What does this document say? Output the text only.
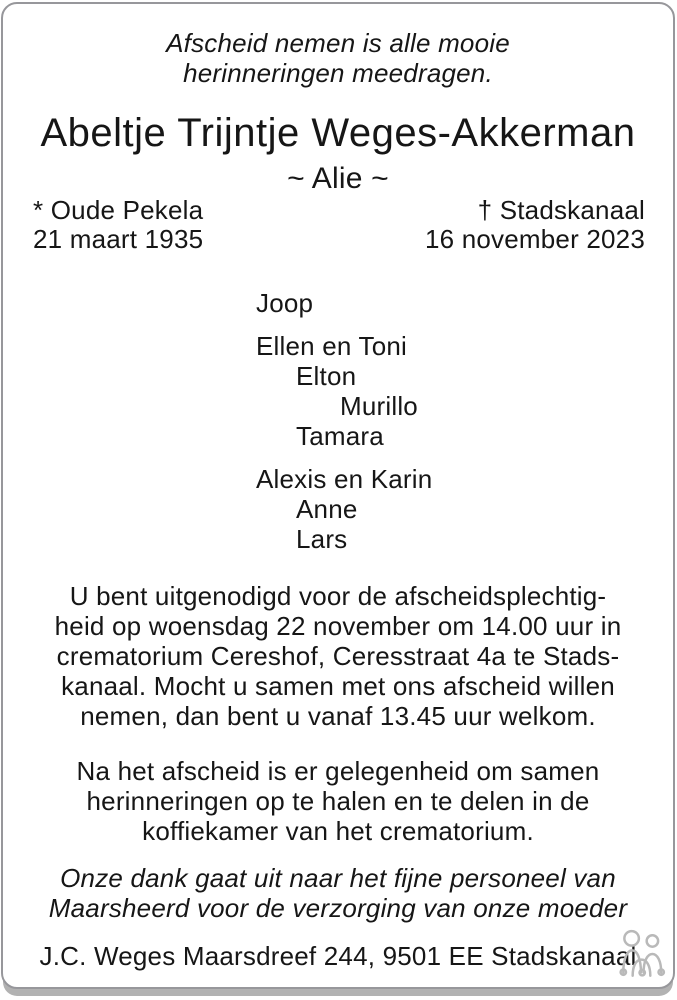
Afscheid nemen is alle mooie
herinneringen meedragen.
Abeltje Trijntje Weges-Akkerman
~ Alie ~
* Oude Pekela
21 maart 1935
† Stadskanaal
16 november 2023
Joop
Ellen en Toni
Elton
Murillo
Tamara
Alexis en Karin
Anne
Lars
U bent uitgenodigd voor de afscheidsplechtig-
heid op woensdag 22 november om 14.00 uur in
crematorium Cereshof, Ceresstraat 4a te Stads-
kanaal. Mocht u samen met ons afscheid willen
nemen, dan bent u vanaf 13.45 uur welkom.
Na het afscheid is er gelegenheid om samen
herinneringen op te halen en te delen in de
koffiekamer van het crematorium.
Onze dank gaat uit naar het fijne personeel van
Maarsheerd voor de verzorging van onze moeder
J.C. Weges Maarsdreef 244, 9501 EE Stadskanaal
